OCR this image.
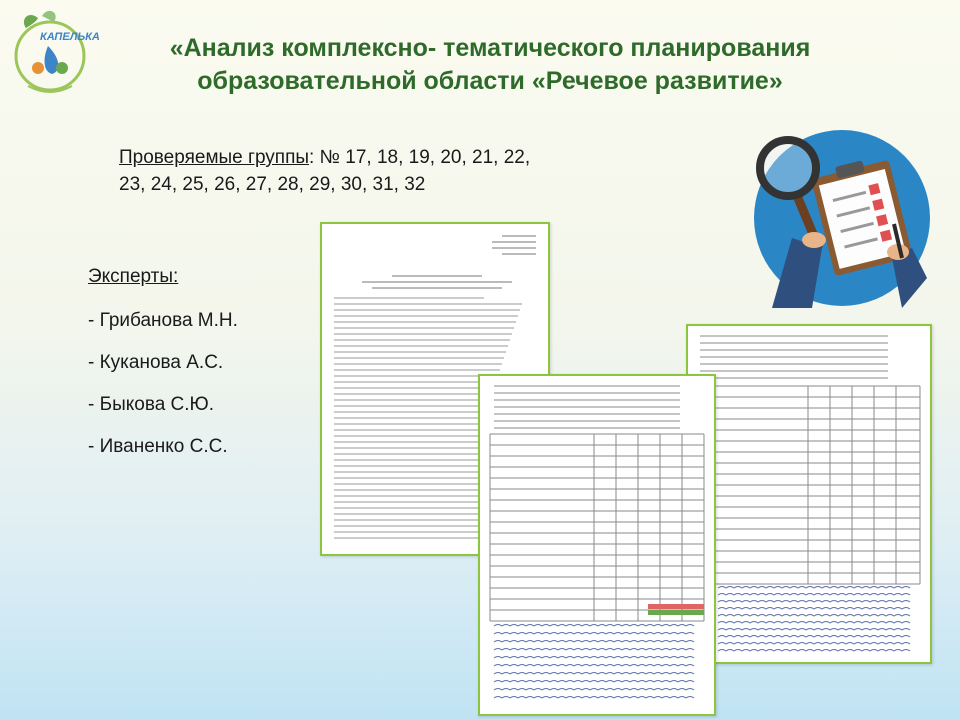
КАПЕЛЬКА	«Анализ комплексно- тематического планирования
образовательной области «Речевое развитие»
Проверяемые группы: № 17, 18, 19, 20, 21, 22,
23, 24, 25, 26, 27, 28, 29, 30, 31, 32
Эксперты:
- Грибанова М.Н.
- Куканова А.С.
- Быкова С.Ю.
- Иваненко С.С.
